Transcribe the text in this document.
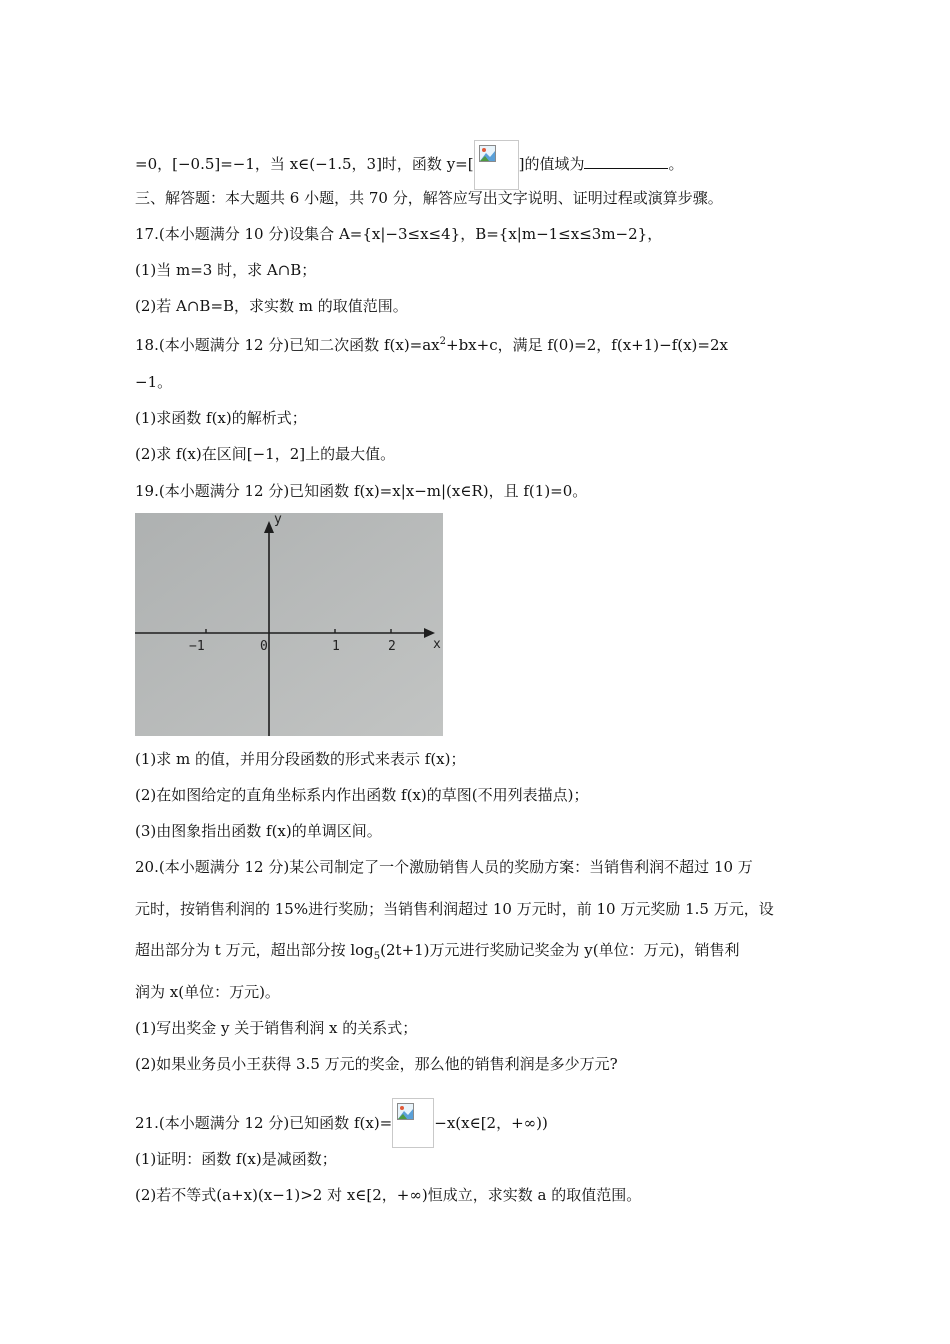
=0，[−0.5]=−1，当 x∈(−1.5，3]时，函数 y=[	]的值域为	。
三、解答题：本大题共 6 小题，共 70 分，解答应写出文字说明、证明过程或演算步骤。
17.(本小题满分 10 分)设集合 A={x|−3≤x≤4}，B={x|m−1≤x≤3m−2}，
(1)当 m=3 时，求 A∩B；
(2)若 A∩B=B，求实数 m 的取值范围。
18.(本小题满分 12 分)已知二次函数 $f(x)=ax^2+bx+c$，满足 f(0)=2，f(x+1)−f(x)=2x
−1。
(1)求函数 f(x)的解析式；
(2)求 f(x)在区间[−1，2]上的最大值。
19.(本小题满分 12 分)已知函数 f(x)=x|x−m|(x∈R)，且 f(1)=0。
y
x
−1	0	1	2
(1)求 m 的值，并用分段函数的形式来表示 f(x)；
(2)在如图给定的直角坐标系内作出函数 f(x)的草图(不用列表描点)；
(3)由图象指出函数 f(x)的单调区间。
20.(本小题满分 12 分)某公司制定了一个激励销售人员的奖励方案：当销售利润不超过 10 万
元时，按销售利润的 15%进行奖励；当销售利润超过 10 万元时，前 10 万元奖励 1.5 万元，设
超出部分为 t 万元，超出部分按 $\log_5(2t+1)$万元进行奖励记奖金为 y(单位：万元)，销售利
润为 x(单位：万元)。
(1)写出奖金 y 关于销售利润 x 的关系式；
(2)如果业务员小王获得 3.5 万元的奖金，那么他的销售利润是多少万元?
21.(本小题满分 12 分)已知函数 f(x)=	−x(x∈[2，+∞))
(1)证明：函数 f(x)是减函数；
(2)若不等式(a+x)(x−1)>2 对 x∈[2，+∞)恒成立，求实数 a 的取值范围。
